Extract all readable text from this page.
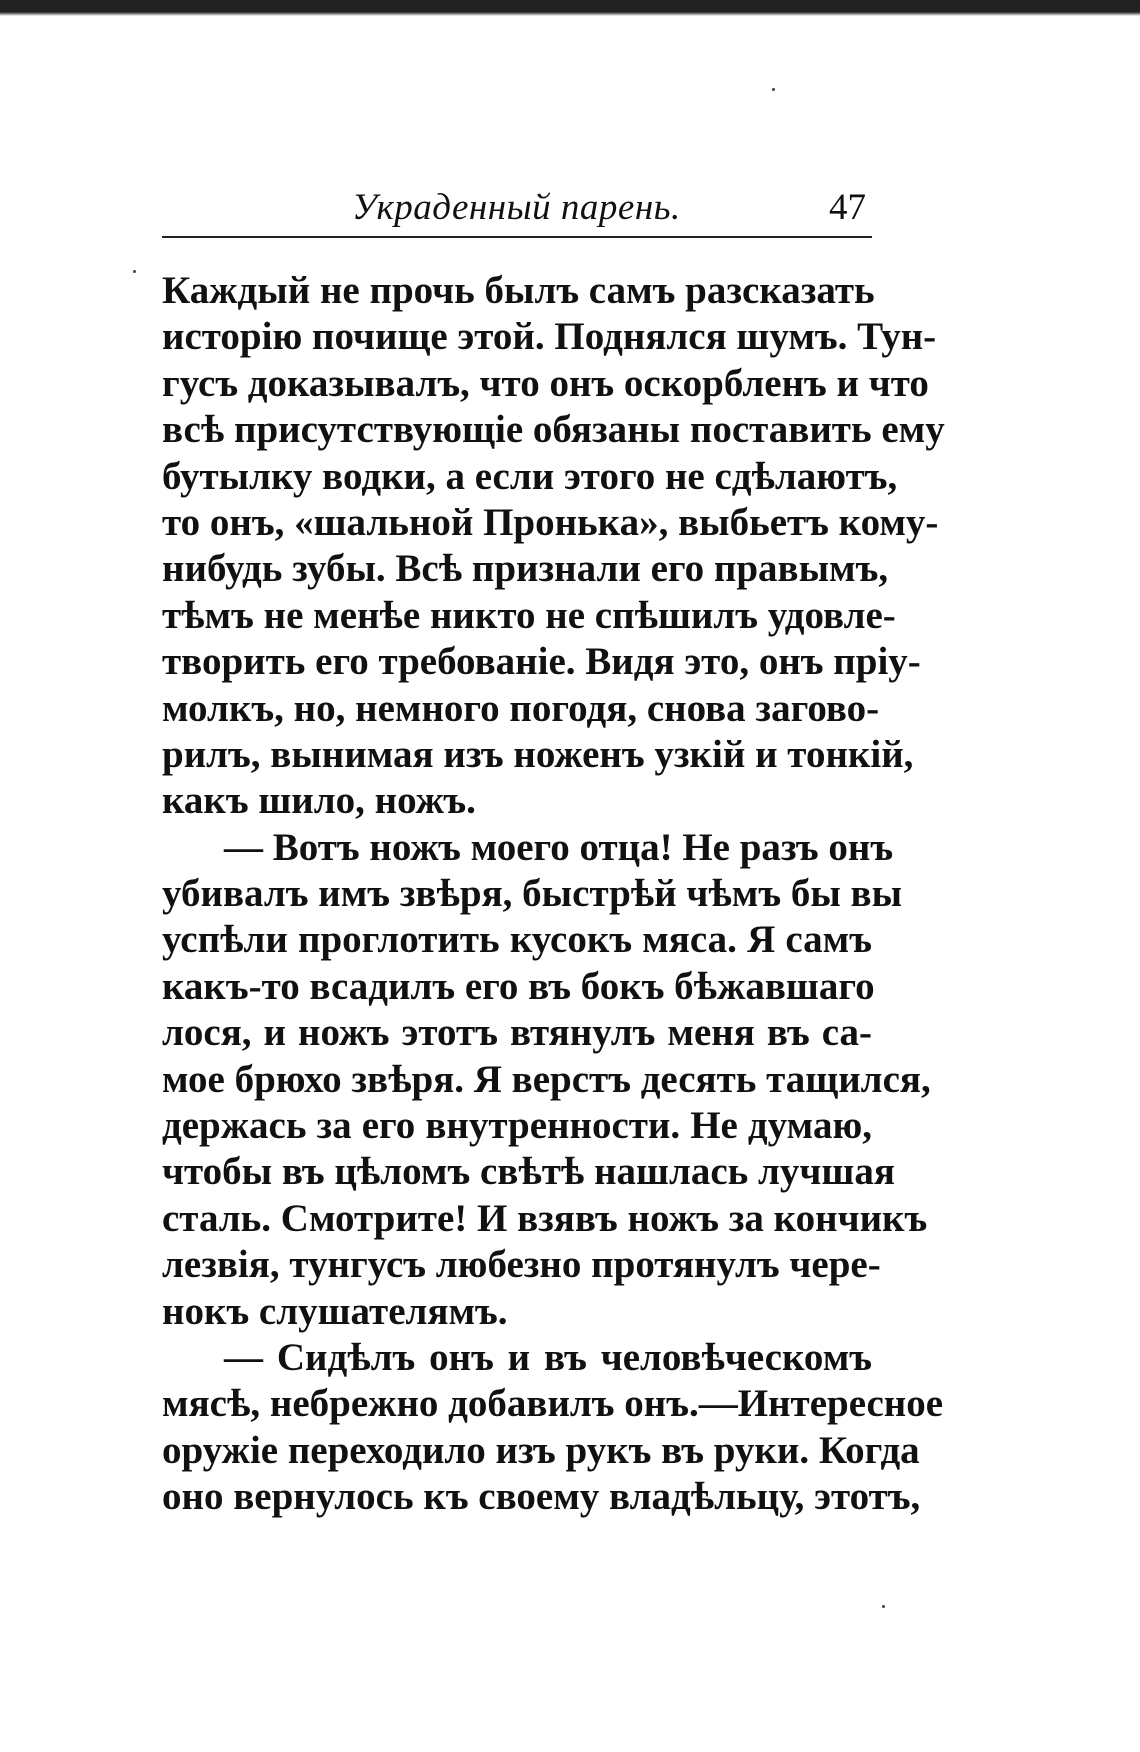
Украденный парень.	47
Каждый не прочь былъ самъ разсказать
исторію почище этой. Поднялся шумъ. Тун-
гусъ доказывалъ, что онъ оскорбленъ и что
всѣ присутствующіе обязаны поставить ему
бутылку водки, а если этого не сдѣлаютъ,
то онъ, «шальной Пронька», выбьетъ кому-
нибудь зубы. Всѣ признали его правымъ,
тѣмъ не менѣе никто не спѣшилъ удовле-
творить его требованіе. Видя это, онъ пріу-
молкъ, но, немного погодя, снова загово-
рилъ, вынимая изъ ноженъ узкій и тонкій,
какъ шило, ножъ.
— Вотъ ножъ моего отца! Не разъ онъ
убивалъ имъ звѣря, быстрѣй чѣмъ бы вы
успѣли проглотить кусокъ мяса. Я самъ
какъ-то всадилъ его въ бокъ бѣжавшаго
лося, и ножъ этотъ втянулъ меня въ са-
мое брюхо звѣря. Я верстъ десять тащился,
держась за его внутренности. Не думаю,
чтобы въ цѣломъ свѣтѣ нашлась лучшая
сталь. Смотрите! И взявъ ножъ за кончикъ
лезвія, тунгусъ любезно протянулъ чере-
нокъ слушателямъ.
— Сидѣлъ онъ и въ человѣческомъ
мясѣ, небрежно добавилъ онъ.—Интересное
оружіе переходило изъ рукъ въ руки. Когда
оно вернулось къ своему владѣльцу, этотъ,
